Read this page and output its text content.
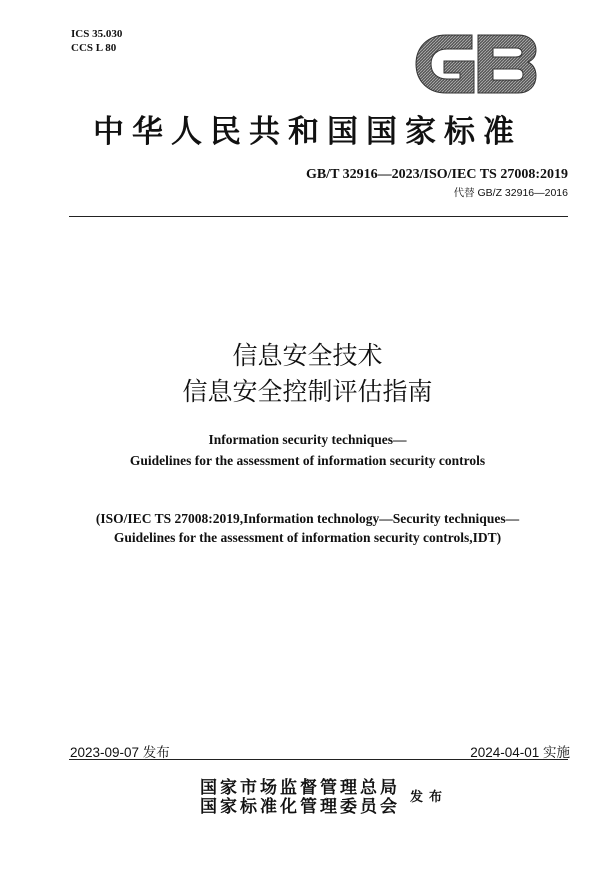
ICS 35.030
CCS L 80
中华人民共和国国家标准
GB/T 32916—2023/ISO/IEC TS 27008:2019
代替 GB/Z 32916—2016
信息安全技术
信息安全控制评估指南
Information security techniques—
Guidelines for the assessment of information security controls
(ISO/IEC TS 27008:2019,Information technology—Security techniques—
Guidelines for the assessment of information security controls,IDT)
2023-09-07 发布	2024-04-01 实施
国家市场监督管理总局
国家标准化管理委员会 发布
